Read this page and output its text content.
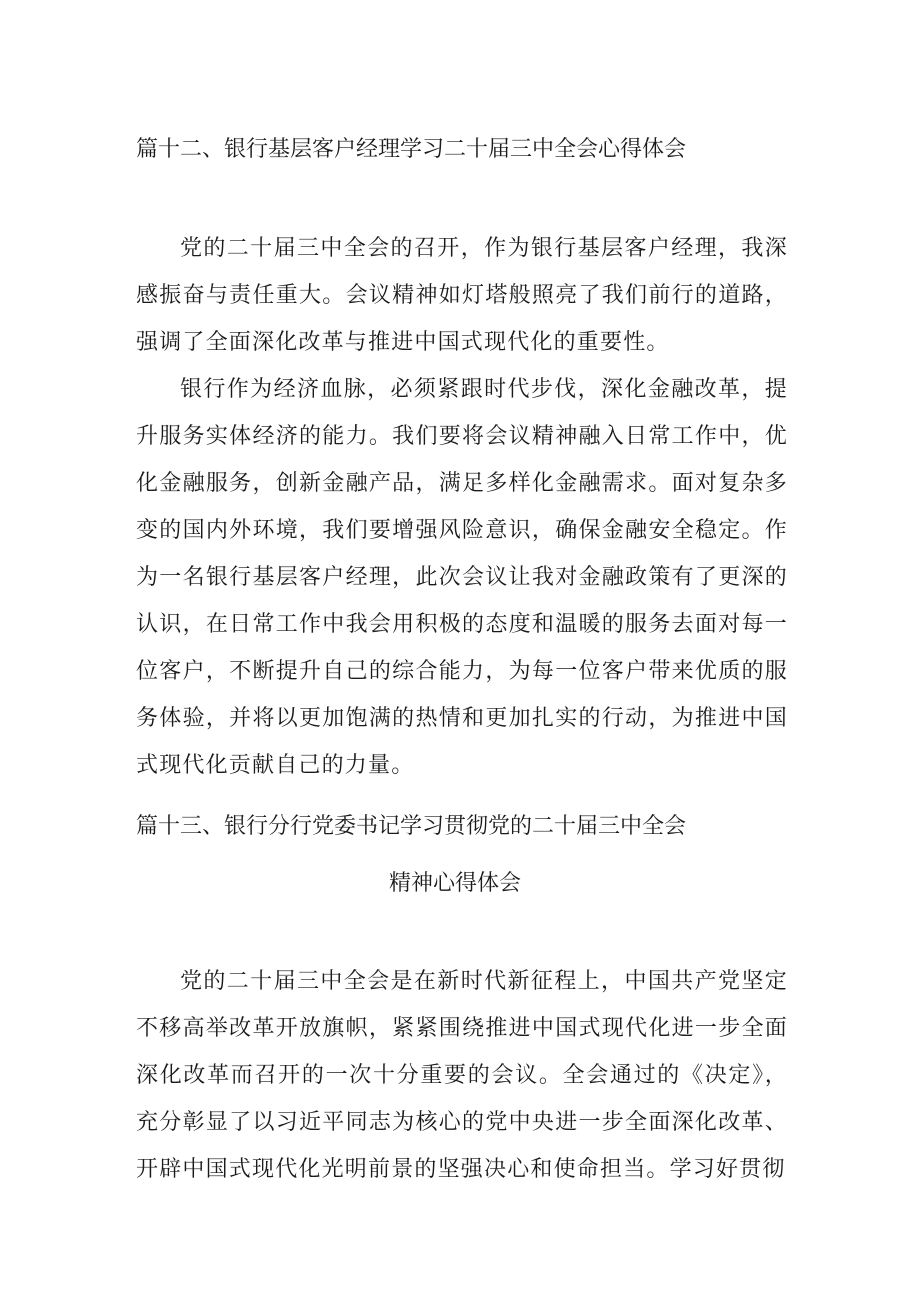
篇十二、银行基层客户经理学习二十届三中全会心得体会

党的二十届三中全会的召开，作为银行基层客户经理，我深感振奋与责任重大。会议精神如灯塔般照亮了我们前行的道路，强调了全面深化改革与推进中国式现代化的重要性。

银行作为经济血脉，必须紧跟时代步伐，深化金融改革，提升服务实体经济的能力。我们要将会议精神融入日常工作中，优化金融服务，创新金融产品，满足多样化金融需求。面对复杂多变的国内外环境，我们要增强风险意识，确保金融安全稳定。作为一名银行基层客户经理，此次会议让我对金融政策有了更深的认识，在日常工作中我会用积极的态度和温暖的服务去面对每一位客户，不断提升自己的综合能力，为每一位客户带来优质的服务体验，并将以更加饱满的热情和更加扎实的行动，为推进中国式现代化贡献自己的力量。

篇十三、银行分行党委书记学习贯彻党的二十届三中全会
精神心得体会

党的二十届三中全会是在新时代新征程上，中国共产党坚定不移高举改革开放旗帜，紧紧围绕推进中国式现代化进一步全面深化改革而召开的一次十分重要的会议。全会通过的《决定》，充分彰显了以习近平同志为核心的党中央进一步全面深化改革、开辟中国式现代化光明前景的坚强决心和使命担当。学习好贯彻
